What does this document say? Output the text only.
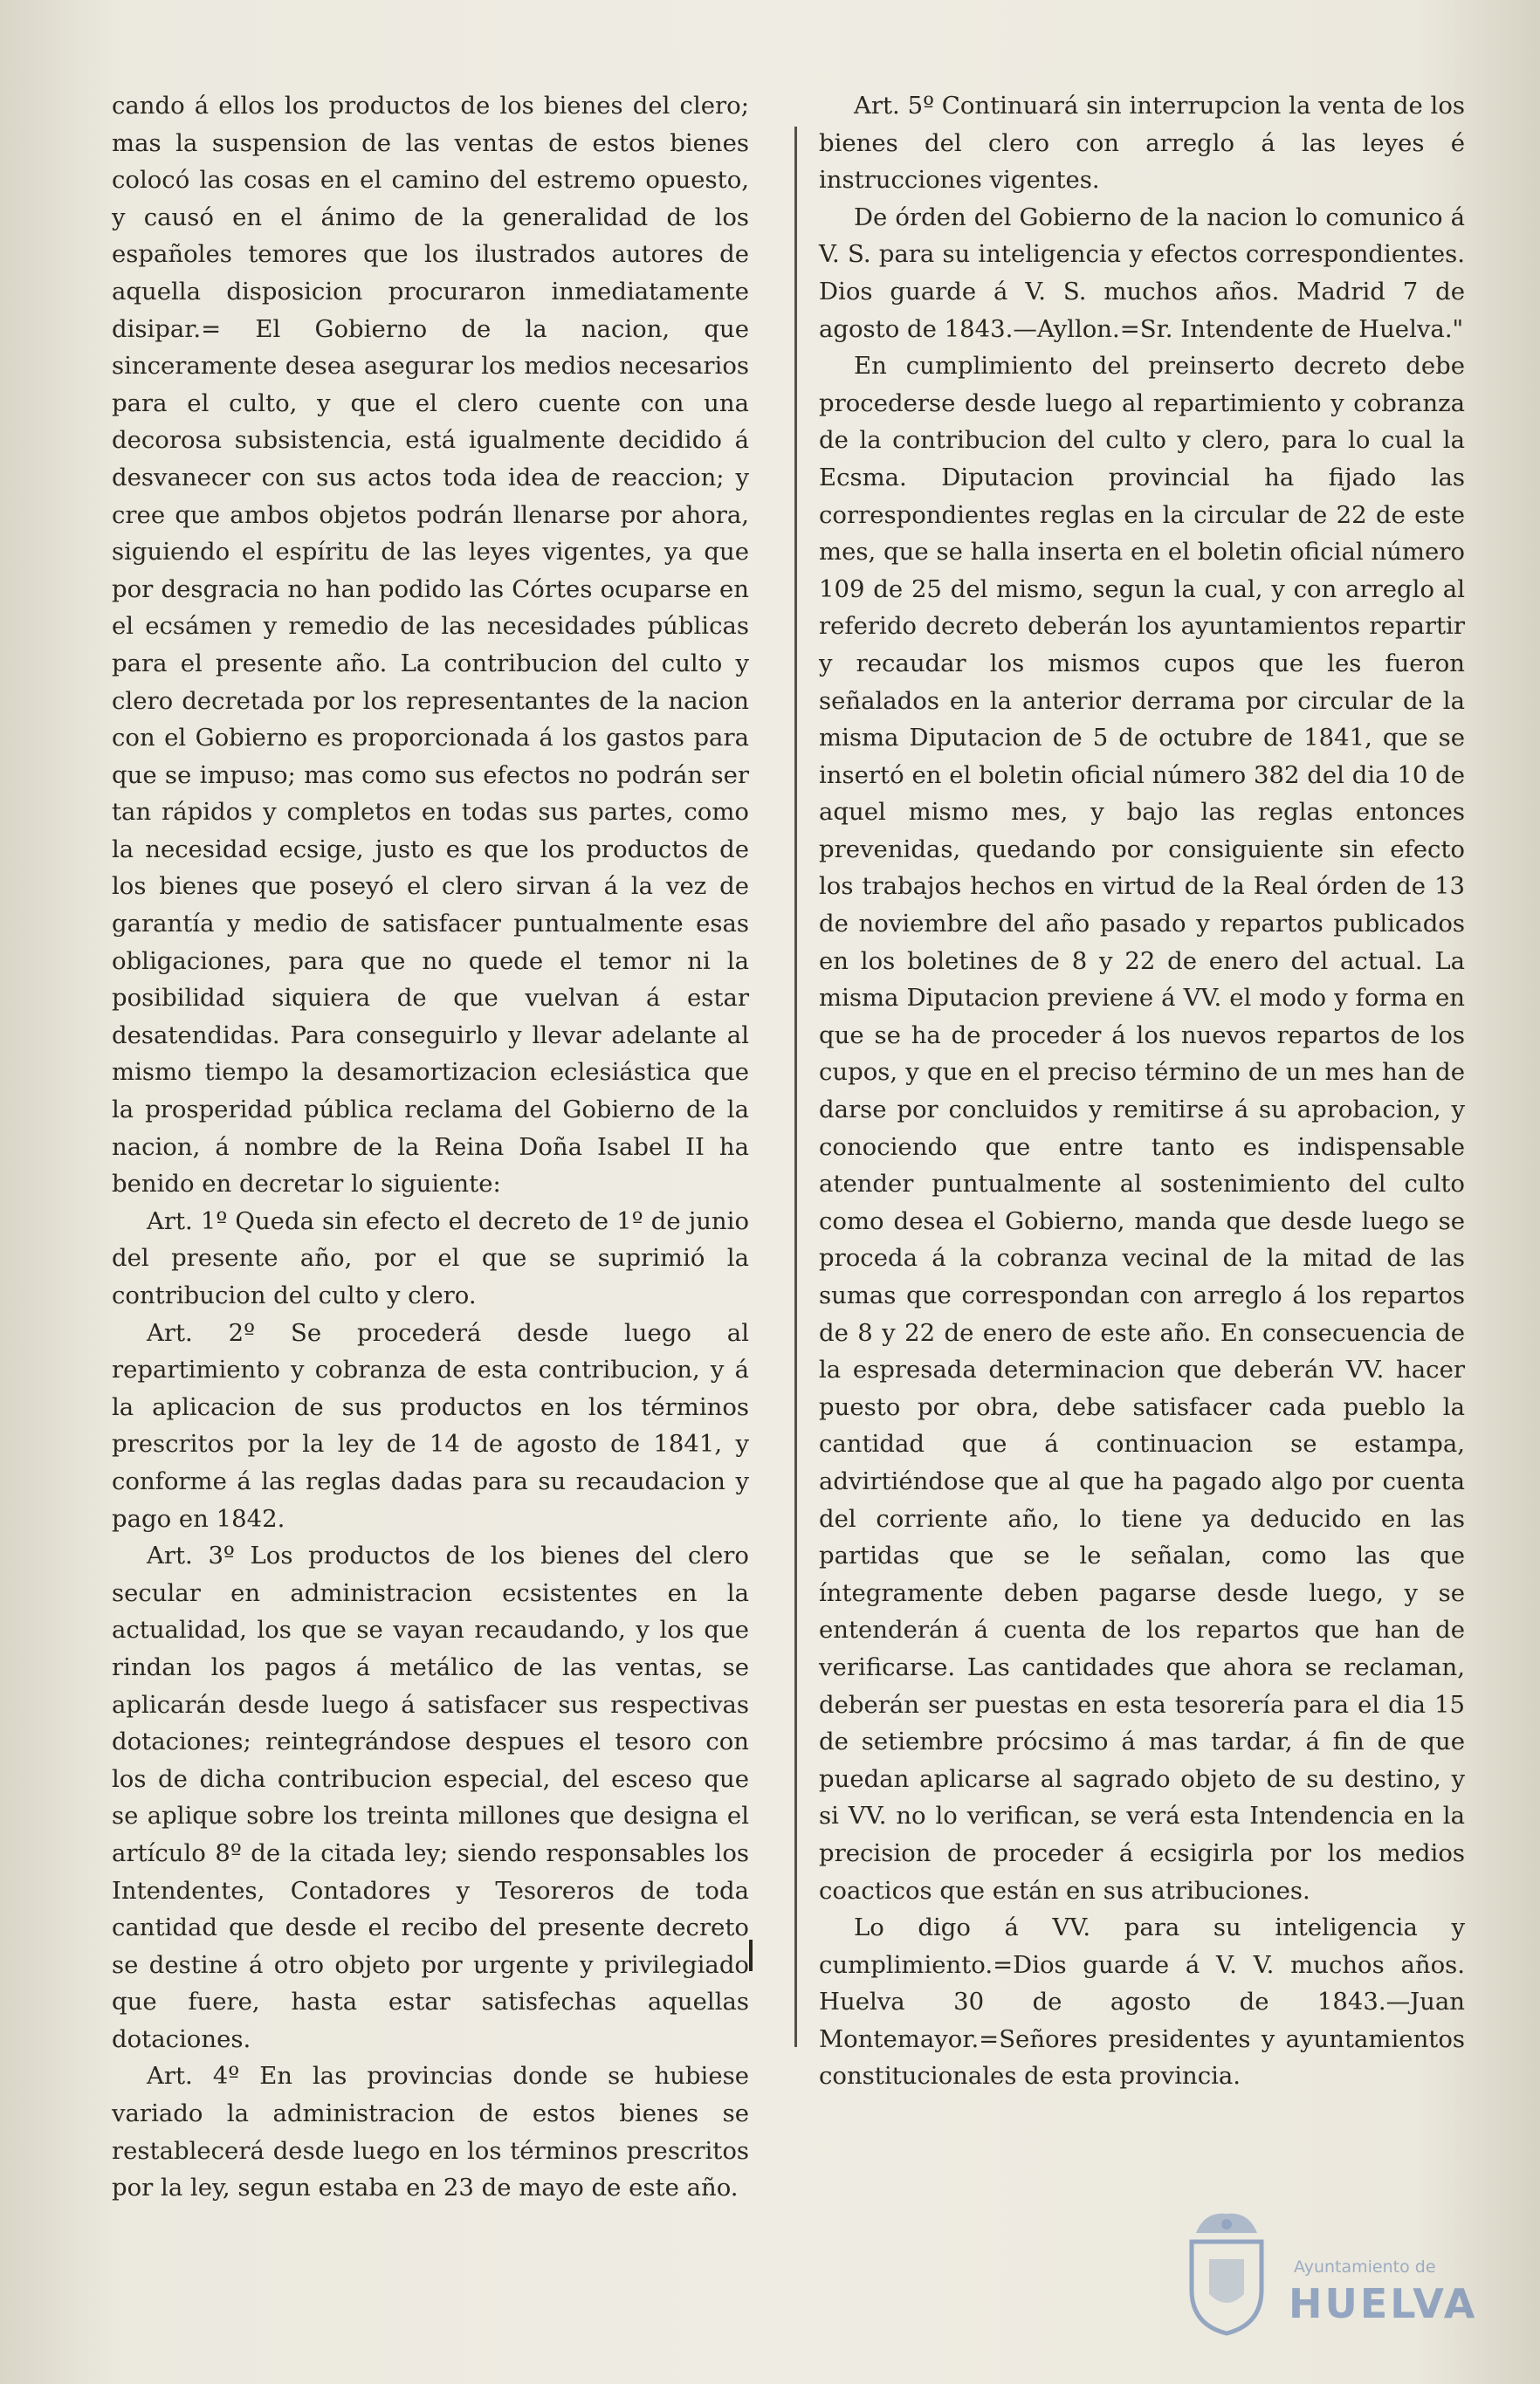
cando á ellos los productos de los bienes del clero; mas la suspension de las ventas de estos bienes colocó las cosas en el camino del estremo opuesto, y causó en el ánimo de la generalidad de los españoles temores que los ilustrados autores de aquella disposicion procuraron inmediatamente disipar.= El Gobierno de la nacion, que sinceramente desea asegurar los medios necesarios para el culto, y que el clero cuente con una decorosa subsistencia, está igualmente decidido á desvanecer con sus actos toda idea de reaccion; y cree que ambos objetos podrán llenarse por ahora, siguiendo el espíritu de las leyes vigentes, ya que por desgracia no han podido las Córtes ocuparse en el ecsámen y remedio de las necesidades públicas para el presente año. La contribucion del culto y clero decretada por los representantes de la nacion con el Gobierno es proporcionada á los gastos para que se impuso; mas como sus efectos no podrán ser tan rápidos y completos en todas sus partes, como la necesidad ecsige, justo es que los productos de los bienes que poseyó el clero sirvan á la vez de garantía y medio de satisfacer puntualmente esas obligaciones, para que no quede el temor ni la posibilidad siquiera de que vuelvan á estar desatendidas. Para conseguirlo y llevar adelante al mismo tiempo la desamortizacion eclesiástica que la prosperidad pública reclama del Gobierno de la nacion, á nombre de la Reina Doña Isabel II ha benido en decretar lo siguiente:

Art. 1º Queda sin efecto el decreto de 1º de junio del presente año, por el que se suprimió la contribucion del culto y clero.

Art. 2º Se procederá desde luego al repartimiento y cobranza de esta contribucion, y á la aplicacion de sus productos en los términos prescritos por la ley de 14 de agosto de 1841, y conforme á las reglas dadas para su recaudacion y pago en 1842.

Art. 3º Los productos de los bienes del clero secular en administracion ecsistentes en la actualidad, los que se vayan recaudando, y los que rindan los pagos á metálico de las ventas, se aplicarán desde luego á satisfacer sus respectivas dotaciones; reintegrándose despues el tesoro con los de dicha contribucion especial, del esceso que se aplique sobre los treinta millones que designa el artículo 8º de la citada ley; siendo responsables los Intendentes, Contadores y Tesoreros de toda cantidad que desde el recibo del presente decreto se destine á otro objeto por urgente y privilegiado que fuere, hasta estar satisfechas aquellas dotaciones.

Art. 4º En las provincias donde se hubiese variado la administracion de estos bienes se restablecerá desde luego en los términos prescritos por la ley, segun estaba en 23 de mayo de este año.

Art. 5º Continuará sin interrupcion la venta de los bienes del clero con arreglo á las leyes é instrucciones vigentes.

De órden del Gobierno de la nacion lo comunico á V. S. para su inteligencia y efectos correspondientes. Dios guarde á V. S. muchos años. Madrid 7 de agosto de 1843.—Ayllon.=Sr. Intendente de Huelva."

En cumplimiento del preinserto decreto debe procederse desde luego al repartimiento y cobranza de la contribucion del culto y clero, para lo cual la Ecsma. Diputacion provincial ha fijado las correspondientes reglas en la circular de 22 de este mes, que se halla inserta en el boletin oficial número 109 de 25 del mismo, segun la cual, y con arreglo al referido decreto deberán los ayuntamientos repartir y recaudar los mismos cupos que les fueron señalados en la anterior derrama por circular de la misma Diputacion de 5 de octubre de 1841, que se insertó en el boletin oficial número 382 del dia 10 de aquel mismo mes, y bajo las reglas entonces prevenidas, quedando por consiguiente sin efecto los trabajos hechos en virtud de la Real órden de 13 de noviembre del año pasado y repartos publicados en los boletines de 8 y 22 de enero del actual. La misma Diputacion previene á VV. el modo y forma en que se ha de proceder á los nuevos repartos de los cupos, y que en el preciso término de un mes han de darse por concluidos y remitirse á su aprobacion, y conociendo que entre tanto es indispensable atender puntualmente al sostenimiento del culto como desea el Gobierno, manda que desde luego se proceda á la cobranza vecinal de la mitad de las sumas que correspondan con arreglo á los repartos de 8 y 22 de enero de este año. En consecuencia de la espresada determinacion que deberán VV. hacer puesto por obra, debe satisfacer cada pueblo la cantidad que á continuacion se estampa, advirtiéndose que al que ha pagado algo por cuenta del corriente año, lo tiene ya deducido en las partidas que se le señalan, como las que íntegramente deben pagarse desde luego, y se entenderán á cuenta de los repartos que han de verificarse. Las cantidades que ahora se reclaman, deberán ser puestas en esta tesorería para el dia 15 de setiembre prócsimo á mas tardar, á fin de que puedan aplicarse al sagrado objeto de su destino, y si VV. no lo verifican, se verá esta Intendencia en la precision de proceder á ecsigirla por los medios coacticos que están en sus atribuciones.

Lo digo á VV. para su inteligencia y cumplimiento.=Dios guarde á V. V. muchos años. Huelva 30 de agosto de 1843.—Juan Montemayor.=Señores presidentes y ayuntamientos constitucionales de esta provincia.

Ayuntamiento de
HUELVA
